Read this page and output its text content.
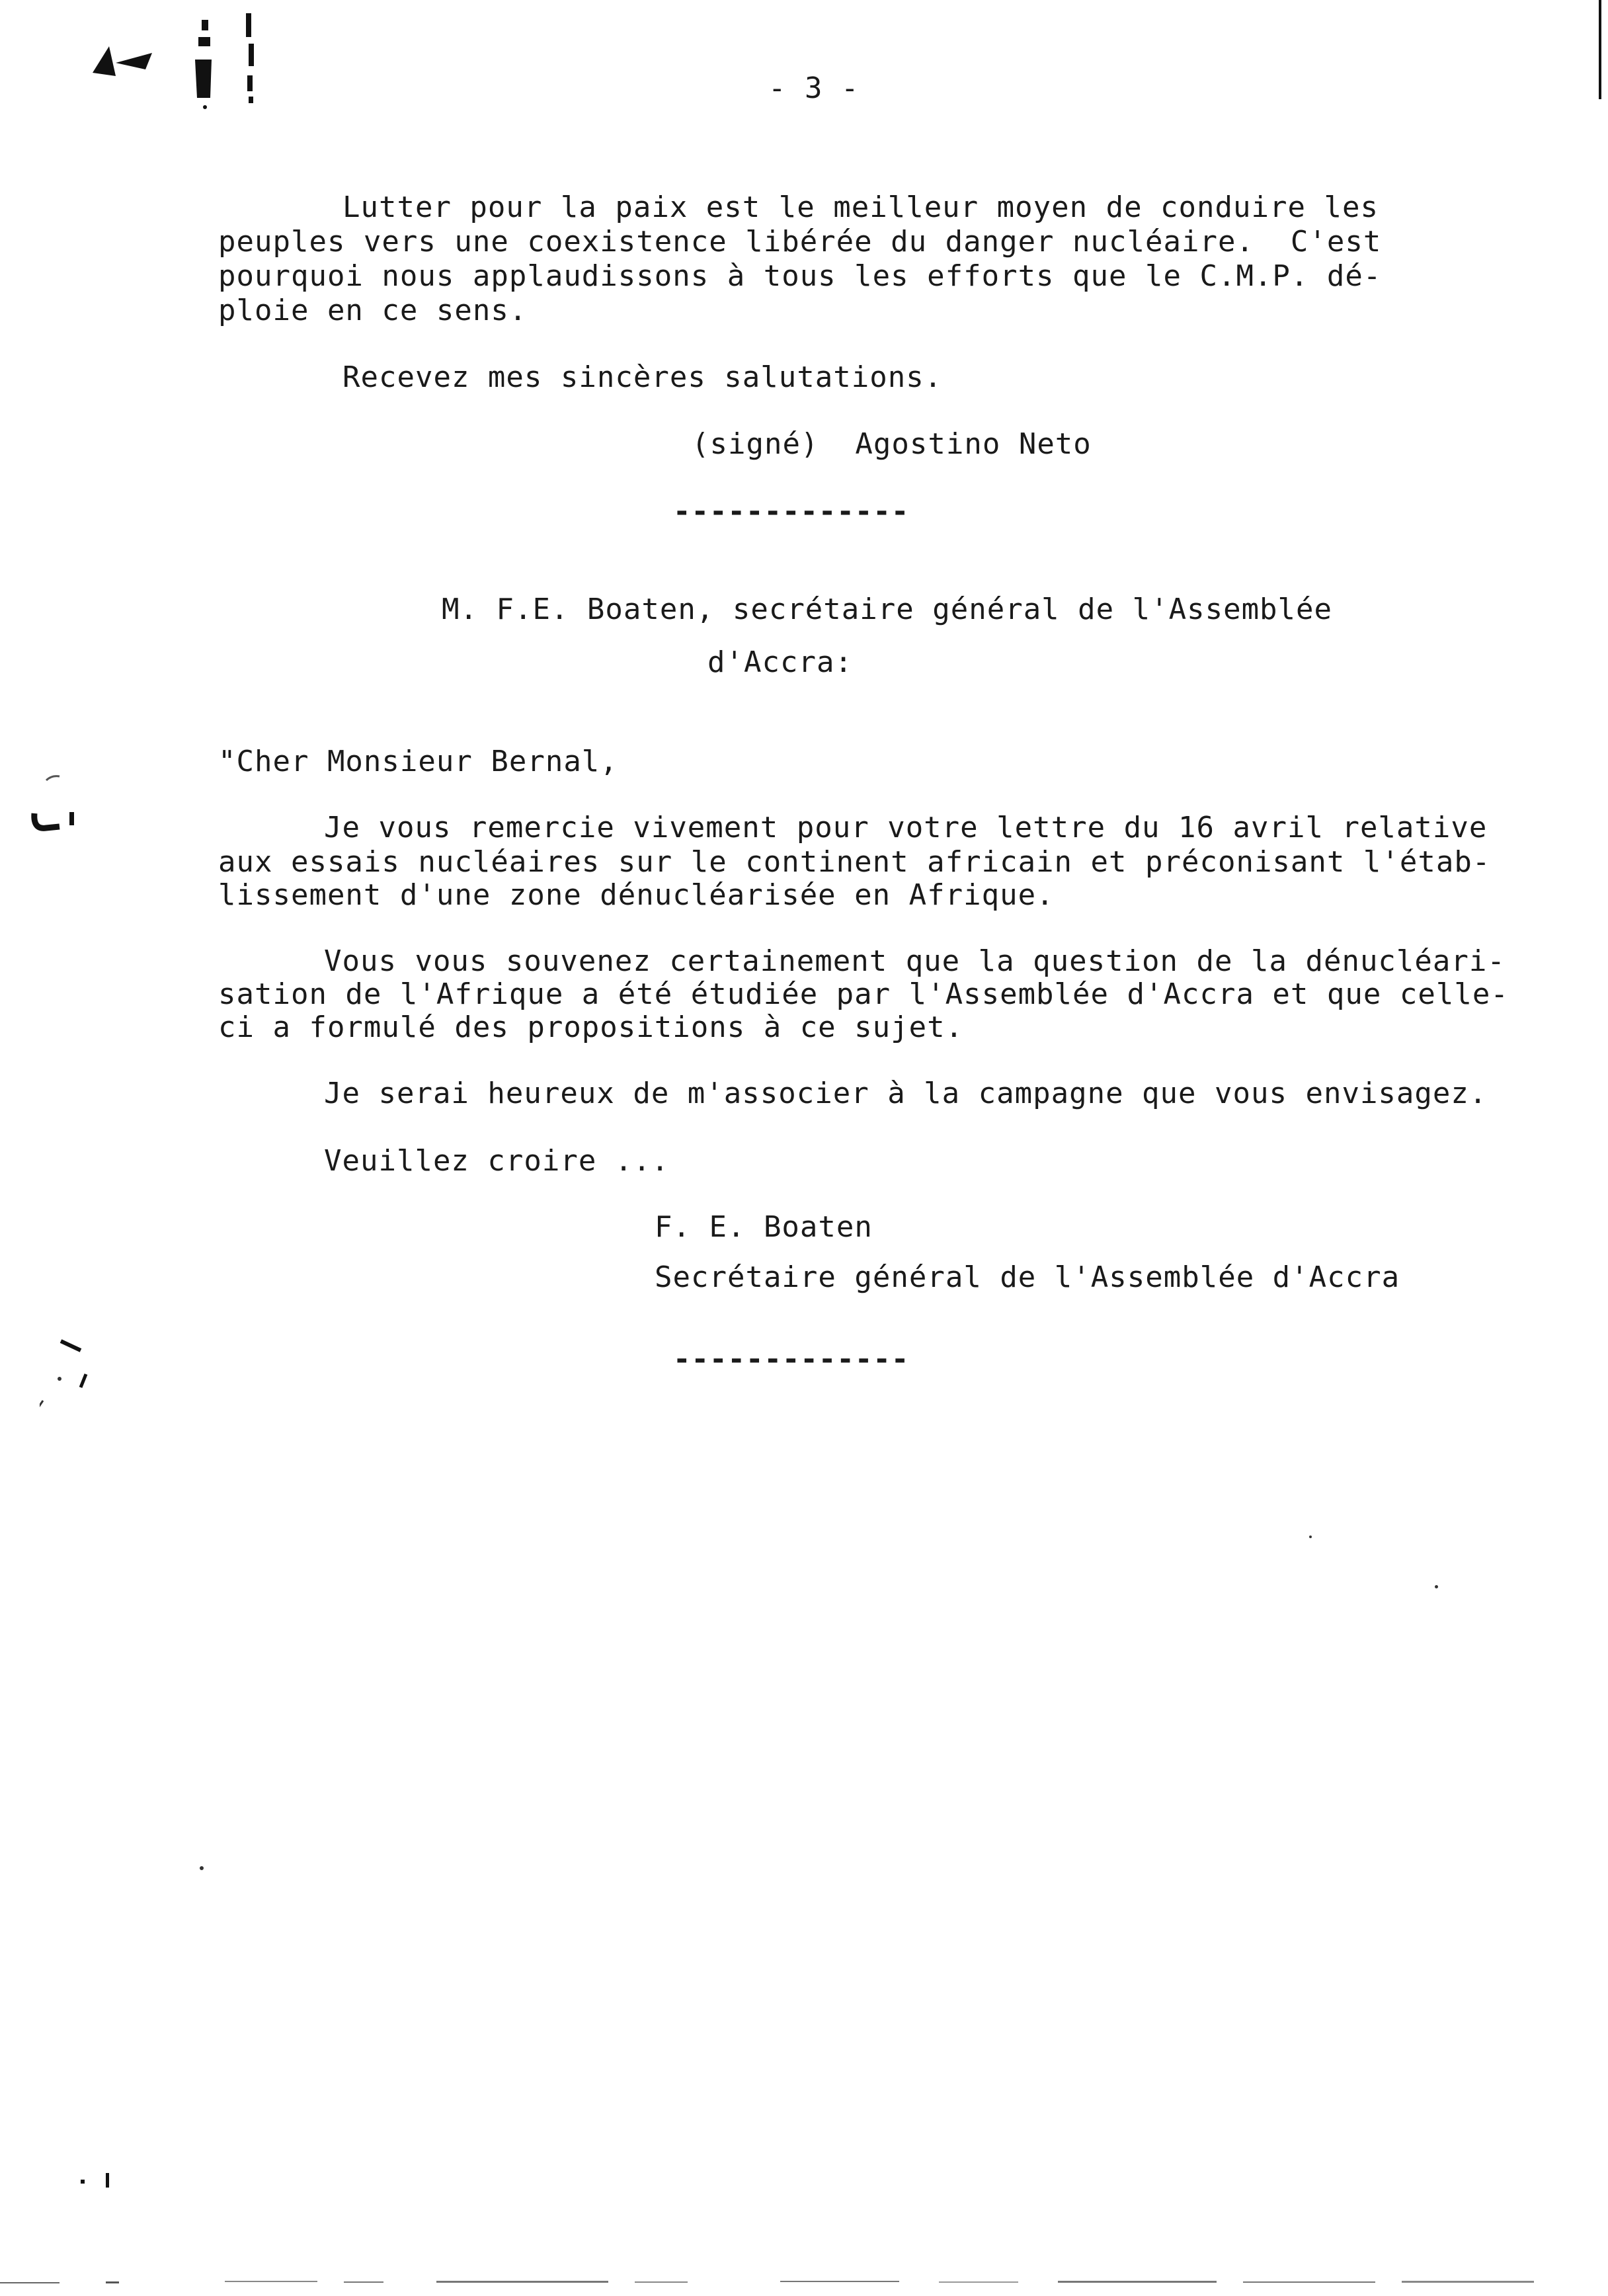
- 3 -
Lutter pour la paix est le meilleur moyen de conduire les
peuples vers une coexistence libérée du danger nucléaire.  C'est
pourquoi nous applaudissons à tous les efforts que le C.M.P. dé-
ploie en ce sens.
Recevez mes sincères salutations.
(signé)  Agostino Neto
-------------
M. F.E. Boaten, secrétaire général de l'Assemblée
d'Accra:
"Cher Monsieur Bernal,
Je vous remercie vivement pour votre lettre du 16 avril relative
aux essais nucléaires sur le continent africain et préconisant l'étab-
lissement d'une zone dénucléarisée en Afrique.
Vous vous souvenez certainement que la question de la dénucléari-
sation de l'Afrique a été étudiée par l'Assemblée d'Accra et que celle-
ci a formulé des propositions à ce sujet.
Je serai heureux de m'associer à la campagne que vous envisagez.
Veuillez croire ...
F. E. Boaten
Secrétaire général de l'Assemblée d'Accra
-------------
